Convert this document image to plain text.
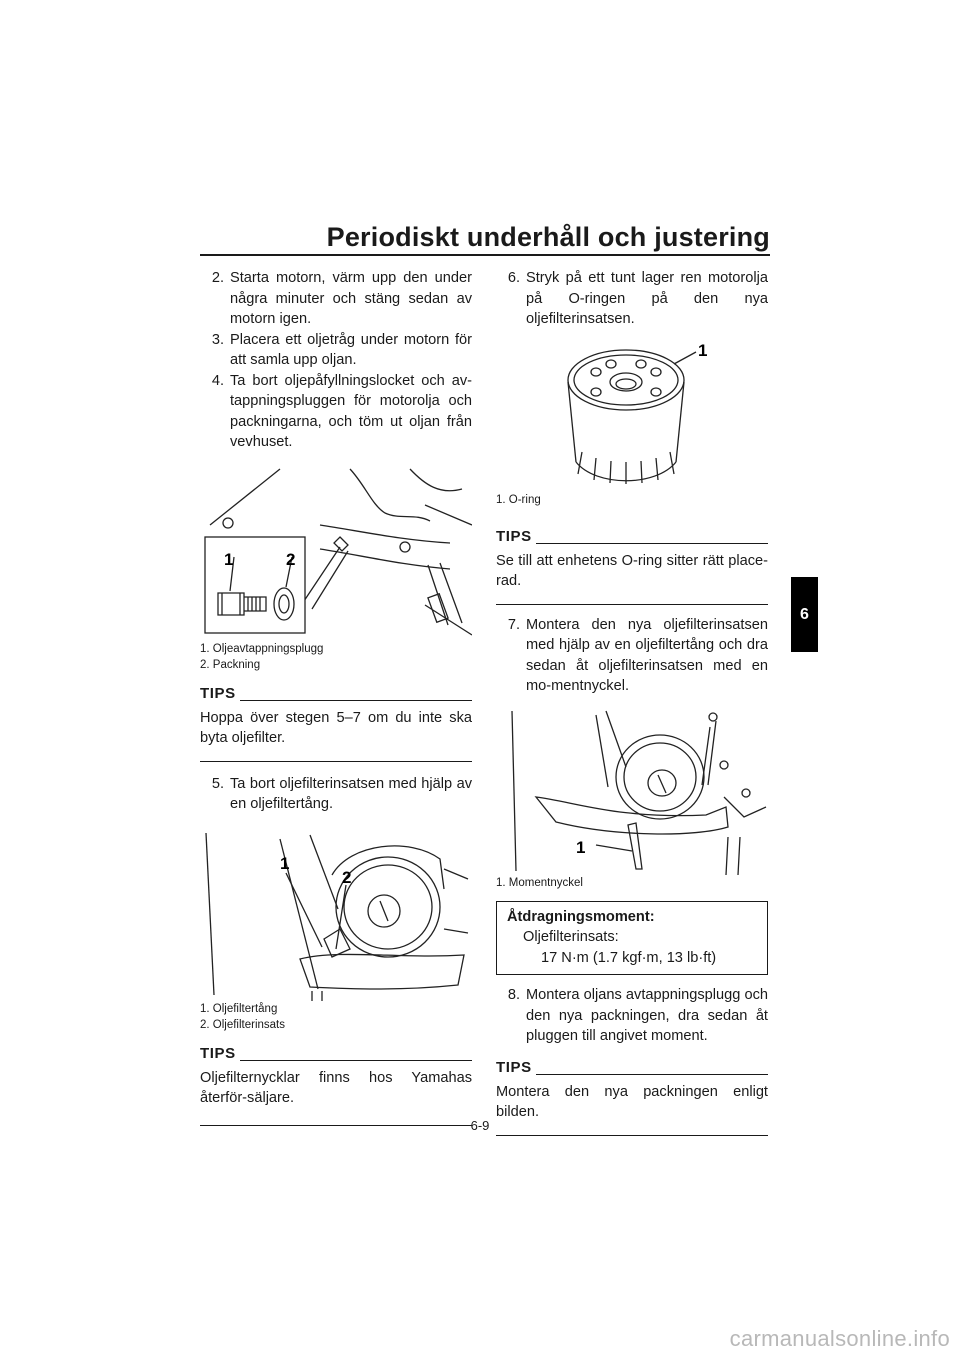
Periodiskt underhåll och justering
6
2. Starta motorn, värm upp den under några minuter och stäng sedan av motorn igen.
3. Placera ett oljetråg under motorn för att samla upp oljan.
4. Ta bort oljepåfyllningslocket och av-tappningspluggen för motorolja och packningarna, och töm ut oljan från vevhuset.
1	2
1. Oljeavtappningsplugg
2. Packning
TIPS
Hoppa över stegen 5–7 om du inte ska byta oljefilter.
5. Ta bort oljefilterinsatsen med hjälp av en oljefiltertång.
1
2
1. Oljefiltertång
2. Oljefilterinsats
TIPS
Oljefilternycklar finns hos Yamahas återför-säljare.
6. Stryk på ett tunt lager ren motorolja på O-ringen på den nya oljefilterinsatsen.
1
1. O-ring
TIPS
Se till att enhetens O-ring sitter rätt place-rad.
7. Montera den nya oljefilterinsatsen med hjälp av en oljefiltertång och dra sedan åt oljefilterinsatsen med en mo-mentnyckel.
1
1. Momentnyckel
Åtdragningsmoment:
Oljefilterinsats:
17 N·m (1.7 kgf·m, 13 lb·ft)
8. Montera oljans avtappningsplugg och den nya packningen, dra sedan åt pluggen till angivet moment.
TIPS
Montera den nya packningen enligt bilden.
6-9
carmanualsonline.info
